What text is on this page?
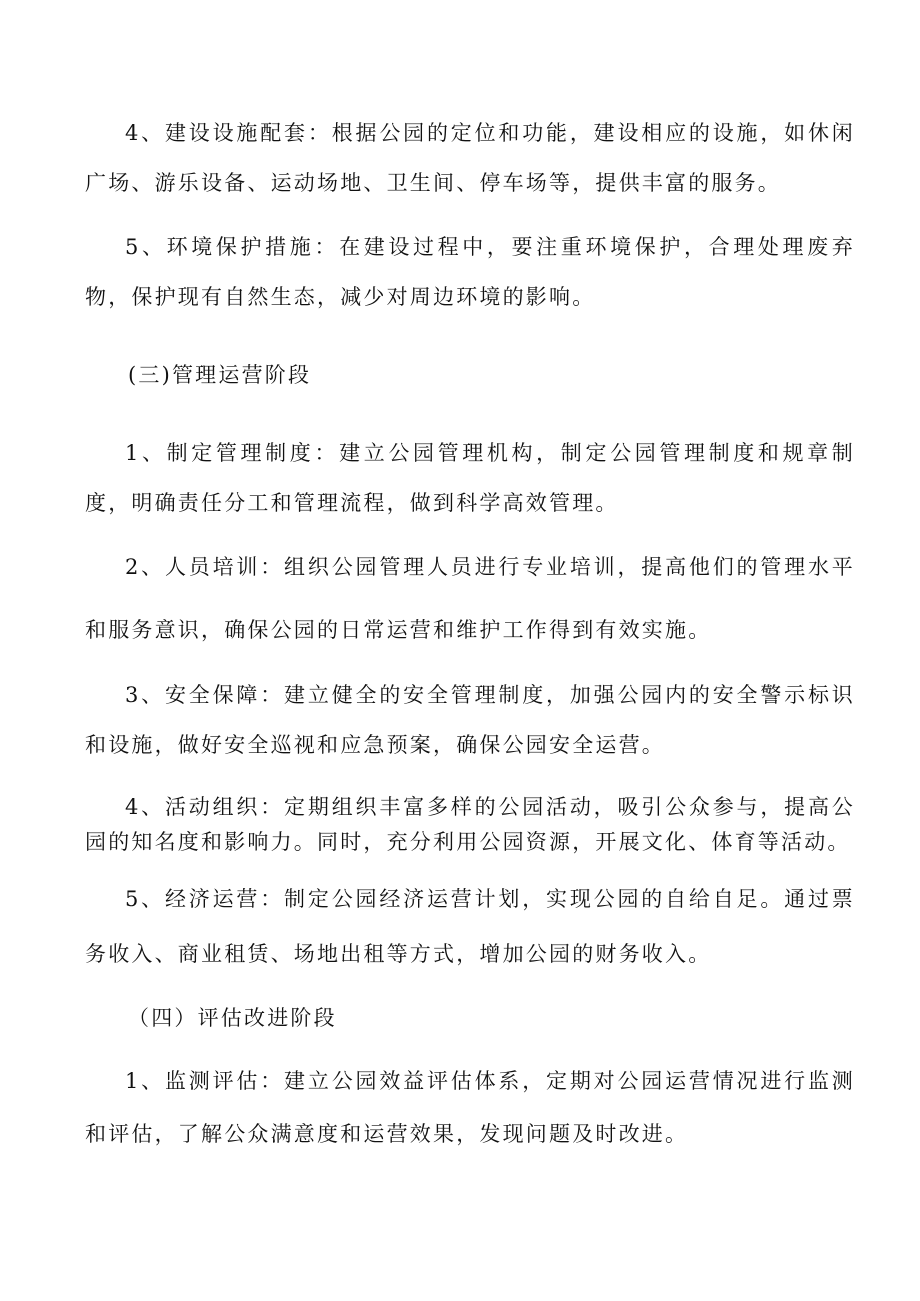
4、建设设施配套：根据公园的定位和功能，建设相应的设施，如休闲广场、游乐设备、运动场地、卫生间、停车场等，提供丰富的服务。

5、环境保护措施：在建设过程中，要注重环境保护，合理处理废弃物，保护现有自然生态，减少对周边环境的影响。

(三)管理运营阶段

1、制定管理制度：建立公园管理机构，制定公园管理制度和规章制度，明确责任分工和管理流程，做到科学高效管理。

2、人员培训：组织公园管理人员进行专业培训，提高他们的管理水平和服务意识，确保公园的日常运营和维护工作得到有效实施。

3、安全保障：建立健全的安全管理制度，加强公园内的安全警示标识和设施，做好安全巡视和应急预案，确保公园安全运营。

4、活动组织：定期组织丰富多样的公园活动，吸引公众参与，提高公园的知名度和影响力。同时，充分利用公园资源，开展文化、体育等活动。

5、经济运营：制定公园经济运营计划，实现公园的自给自足。通过票务收入、商业租赁、场地出租等方式，增加公园的财务收入。

（四）评估改进阶段

1、监测评估：建立公园效益评估体系，定期对公园运营情况进行监测和评估，了解公众满意度和运营效果，发现问题及时改进。
